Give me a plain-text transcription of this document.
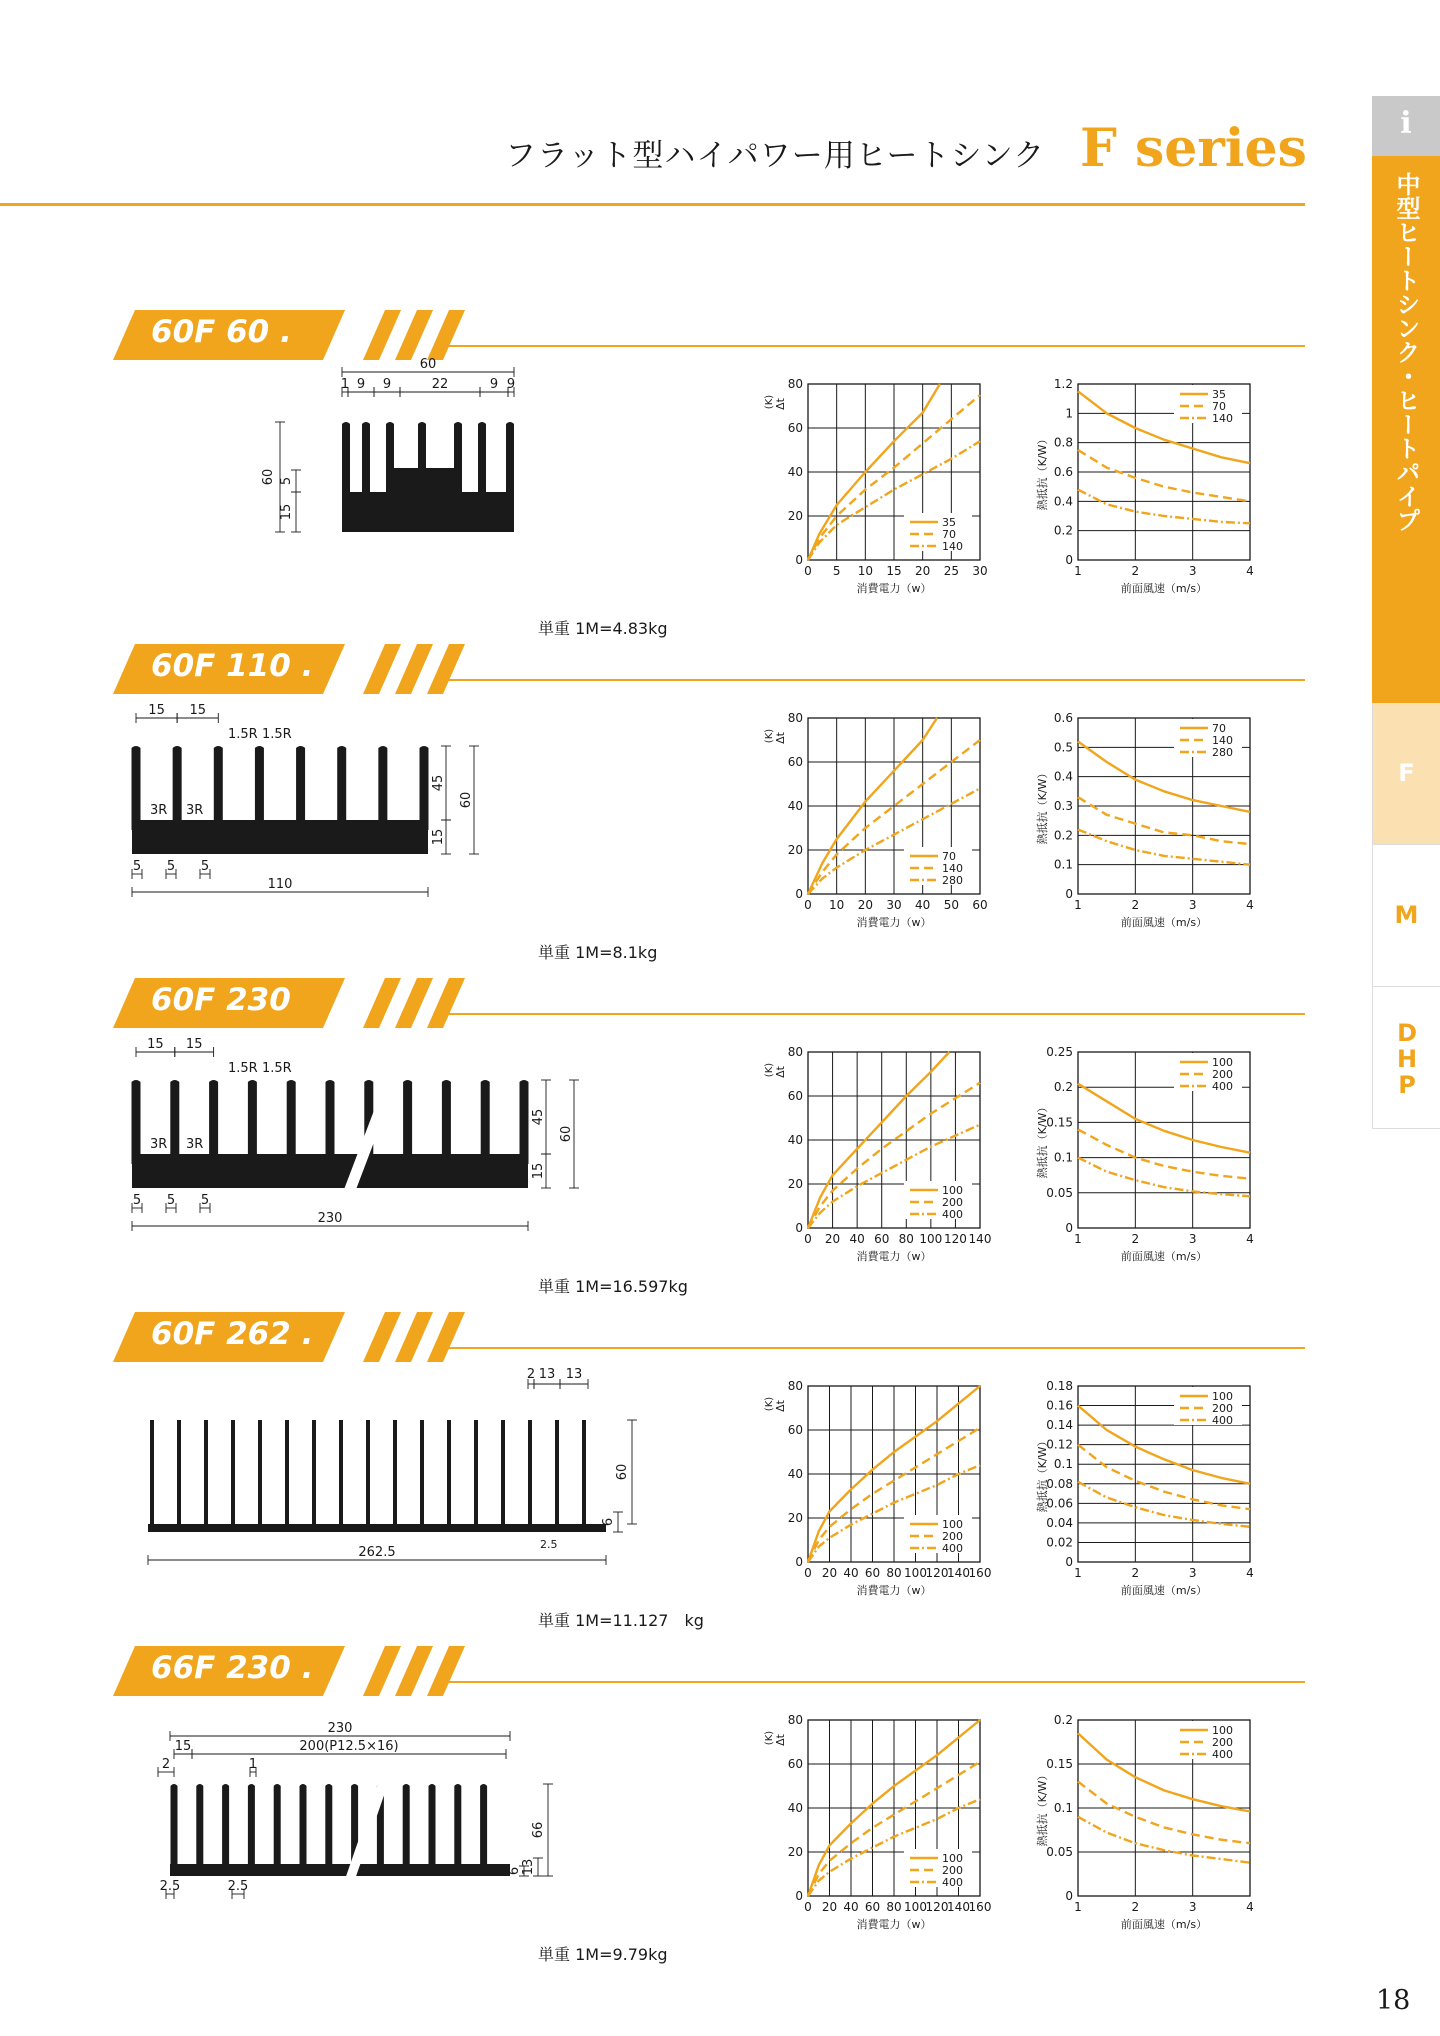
フラット型ハイパワー用ヒートシンク F series	i
中型ヒートシンク・ヒートパイプ
F
M
DHP
18
60F 60 .
60
1 9 9	22	9 9
60 5
15
単重 1M=4.83kg
0 5 10 15 20 25 30
0
20
40
60
80
消費電力（w）
(K) Δt
35
70
140
1	2	3	4
0
0.2
0.4
0.6
0.8
1
1.2
前面風速（m/s）
熱抵抗（K/W）
35
70
140
60F 110 .
15 15
1.5R 1.5R
3R 3R
45
60
15
5 5 5
110
単重 1M=8.1kg
0 10 20 30 40 50 60
0
20
40
60
80
消費電力（w）
(K) Δt
70
140
280
1	2	3	4
0
0.1
0.2
0.3
0.4
0.5
0.6
前面風速（m/s）
熱抵抗（K/W）
70
140
280
60F 230
15 15
1.5R 1.5R
3R 3R
45
60
15
5 5 5
230
単重 1M=16.597kg
0 20 40 60 80 100 120 140
0
20
40
60
80
消費電力（w）
(K) Δt
100
200
400
1	2	3	4
0
0.05
0.1
0.15
0.2
0.25
前面風速（m/s）
熱抵抗（K/W）
100
200
400
60F 262 .
2 13 13
60
6
262.5
2.5
単重 1M=11.127　kg
0 20 40 60 80 100
120
140
160
0
20
40
60
80
消費電力（w）
(K) Δt
100
200
400
1	2	3	4
0
0.02
0.04
0.06
0.08
0.1
0.12
0.14
0.16
0.18
前面風速（m/s）
熱抵抗（K/W）
100
200
400
66F 230 .
230
15	200(P12.5×16)
2	1
66
6 13
2.5	2.5
単重 1M=9.79kg
0 20 40 60 80 100
120
140
160
0
20
40
60
80
消費電力（w）
(K) Δt
100
200
400
1	2	3	4
0
0.05
0.1
0.15
0.2
前面風速（m/s）
熱抵抗（K/W）
100
200
400
